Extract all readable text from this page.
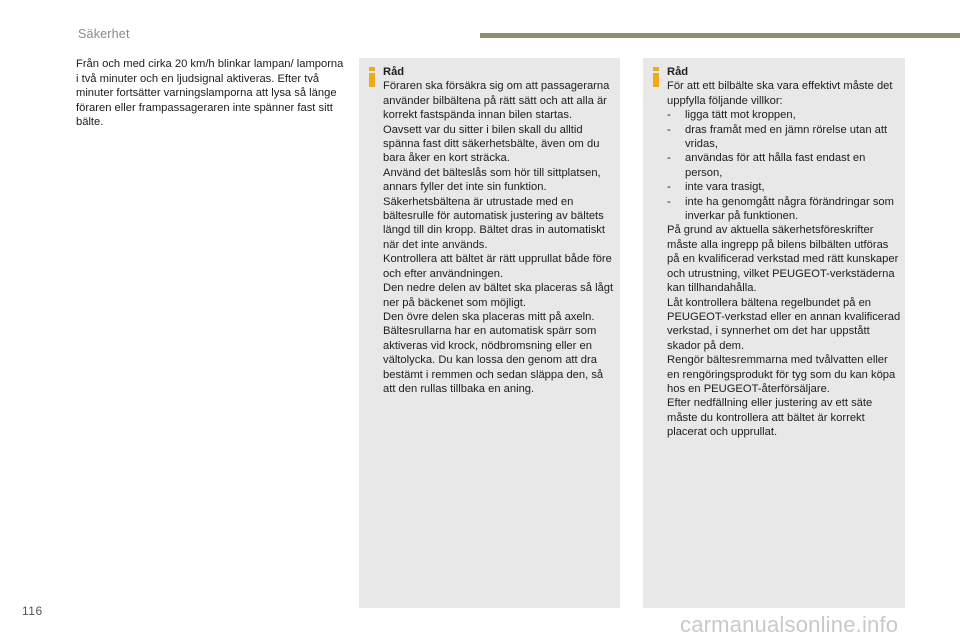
Säkerhet

Från och med cirka 20 km/h blinkar lampan/ lamporna i två minuter och en ljudsignal aktiveras. Efter två minuter fortsätter varningslamporna att lysa så länge föraren eller frampassageraren inte spänner fast sitt bälte.

Råd

Föraren ska försäkra sig om att passagerarna använder bilbältena på rätt sätt och att alla är korrekt fastspända innan bilen startas.

Oavsett var du sitter i bilen skall du alltid spänna fast ditt säkerhetsbälte, även om du bara åker en kort sträcka.

Använd det bälteslås som hör till sittplatsen, annars fyller det inte sin funktion.

Säkerhetsbältena är utrustade med en bältesrulle för automatisk justering av bältets längd till din kropp. Bältet dras in automatiskt när det inte används.

Kontrollera att bältet är rätt upprullat både före och efter användningen.

Den nedre delen av bältet ska placeras så lågt ner på bäckenet som möjligt.

Den övre delen ska placeras mitt på axeln.

Bältesrullarna har en automatisk spärr som aktiveras vid krock, nödbromsning eller en vältolycka. Du kan lossa den genom att dra bestämt i remmen och sedan släppa den, så att den rullas tillbaka en aning.

Råd

För att ett bilbälte ska vara effektivt måste det uppfylla följande villkor:

- ligga tätt mot kroppen,
- dras framåt med en jämn rörelse utan att vridas,
- användas för att hålla fast endast en person,
- inte vara trasigt,
- inte ha genomgått några förändringar som inverkar på funktionen.

På grund av aktuella säkerhetsföreskrifter måste alla ingrepp på bilens bilbälten utföras på en kvalificerad verkstad med rätt kunskaper och utrustning, vilket PEUGEOT-verkstäderna kan tillhandahålla.

Låt kontrollera bältena regelbundet på en PEUGEOT-verkstad eller en annan kvalificerad verkstad, i synnerhet om det har uppstått skador på dem.

Rengör bältesremmarna med tvålvatten eller en rengöringsprodukt för tyg som du kan köpa hos en PEUGEOT-återförsäljare.

Efter nedfällning eller justering av ett säte måste du kontrollera att bältet är korrekt placerat och upprullat.

116
carmanualsonline.info
